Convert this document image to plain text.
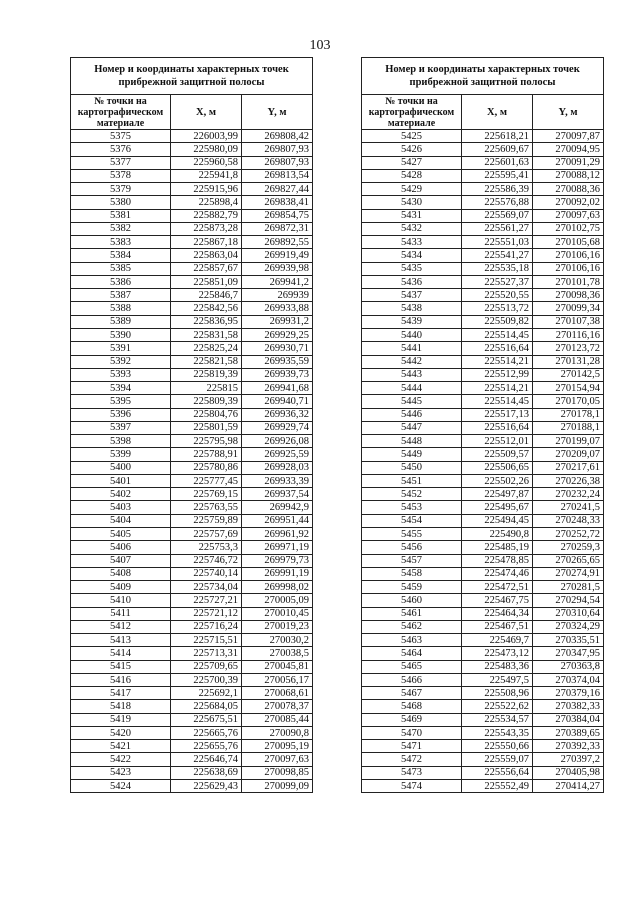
103
Номер и координаты характерных точек прибрежной защитной полосы		
№ точки на картографическом материале	X, м	Y, м
5375	226003,99	269808,42
5376	225980,09	269807,93
5377	225960,58	269807,93
5378	225941,8	269813,54
5379	225915,96	269827,44
5380	225898,4	269838,41
5381	225882,79	269854,75
5382	225873,28	269872,31
5383	225867,18	269892,55
5384	225863,04	269919,49
5385	225857,67	269939,98
5386	225851,09	269941,2
5387	225846,7	269939
5388	225842,56	269933,88
5389	225836,95	269931,2
5390	225831,58	269929,25
5391	225825,24	269930,71
5392	225821,58	269935,59
5393	225819,39	269939,73
5394	225815	269941,68
5395	225809,39	269940,71
5396	225804,76	269936,32
5397	225801,59	269929,74
5398	225795,98	269926,08
5399	225788,91	269925,59
5400	225780,86	269928,03
5401	225777,45	269933,39
5402	225769,15	269937,54
5403	225763,55	269942,9
5404	225759,89	269951,44
5405	225757,69	269961,92
5406	225753,3	269971,19
5407	225746,72	269979,73
5408	225740,14	269991,19
5409	225734,04	269998,02
5410	225727,21	270005,09
5411	225721,12	270010,45
5412	225716,24	270019,23
5413	225715,51	270030,2
5414	225713,31	270038,5
5415	225709,65	270045,81
5416	225700,39	270056,17
5417	225692,1	270068,61
5418	225684,05	270078,37
5419	225675,51	270085,44
5420	225665,76	270090,8
5421	225655,76	270095,19
5422	225646,74	270097,63
5423	225638,69	270098,85
5424	225629,43	270099,09
Номер и координаты характерных точек прибрежной защитной полосы		
№ точки на картографическом материале	X, м	Y, м
5425	225618,21	270097,87
5426	225609,67	270094,95
5427	225601,63	270091,29
5428	225595,41	270088,12
5429	225586,39	270088,36
5430	225576,88	270092,02
5431	225569,07	270097,63
5432	225561,27	270102,75
5433	225551,03	270105,68
5434	225541,27	270106,16
5435	225535,18	270106,16
5436	225527,37	270101,78
5437	225520,55	270098,36
5438	225513,72	270099,34
5439	225509,82	270107,38
5440	225514,45	270116,16
5441	225516,64	270123,72
5442	225514,21	270131,28
5443	225512,99	270142,5
5444	225514,21	270154,94
5445	225514,45	270170,05
5446	225517,13	270178,1
5447	225516,64	270188,1
5448	225512,01	270199,07
5449	225509,57	270209,07
5450	225506,65	270217,61
5451	225502,26	270226,38
5452	225497,87	270232,24
5453	225495,67	270241,5
5454	225494,45	270248,33
5455	225490,8	270252,72
5456	225485,19	270259,3
5457	225478,85	270265,65
5458	225474,46	270274,91
5459	225472,51	270281,5
5460	225467,75	270294,54
5461	225464,34	270310,64
5462	225467,51	270324,29
5463	225469,7	270335,51
5464	225473,12	270347,95
5465	225483,36	270363,8
5466	225497,5	270374,04
5467	225508,96	270379,16
5468	225522,62	270382,33
5469	225534,57	270384,04
5470	225543,35	270389,65
5471	225550,66	270392,33
5472	225559,07	270397,2
5473	225556,64	270405,98
5474	225552,49	270414,27
